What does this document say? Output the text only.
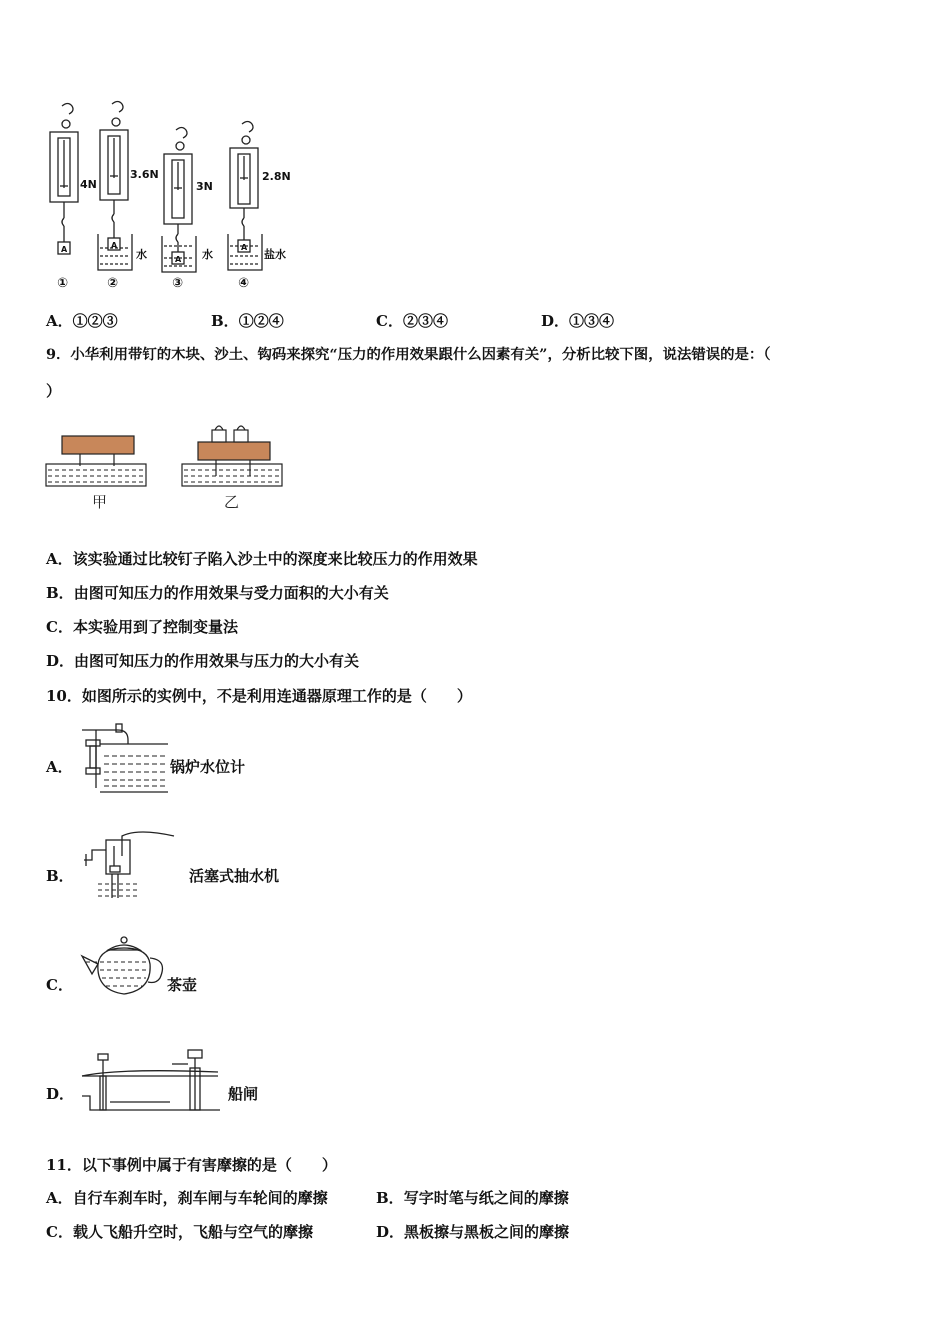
4N
3.6N
3N
2.8N
水	水	盐水
①	②	③	④
A	A
A
A
A．①②③	B．①②④	C．②③④	D．①③④
9．小华利用带钉的木块、沙土、钩码来探究“压力的作用效果跟什么因素有关”，分析比较下图，说法错误的是：（
）
甲	乙
A．该实验通过比较钉子陷入沙土中的深度来比较压力的作用效果
B．由图可知压力的作用效果与受力面积的大小有关
C．本实验用到了控制变量法
D．由图可知压力的作用效果与压力的大小有关
10．如图所示的实例中，不是利用连通器原理工作的是（　　）
A．	锅炉水位计
B．	活塞式抽水机
C．	茶壶
D．	船闸
11．以下事例中属于有害摩擦的是（　　）
A．自行车刹车时，刹车闸与车轮间的摩擦	B．写字时笔与纸之间的摩擦
C．载人飞船升空时，飞船与空气的摩擦	D．黑板擦与黑板之间的摩擦
